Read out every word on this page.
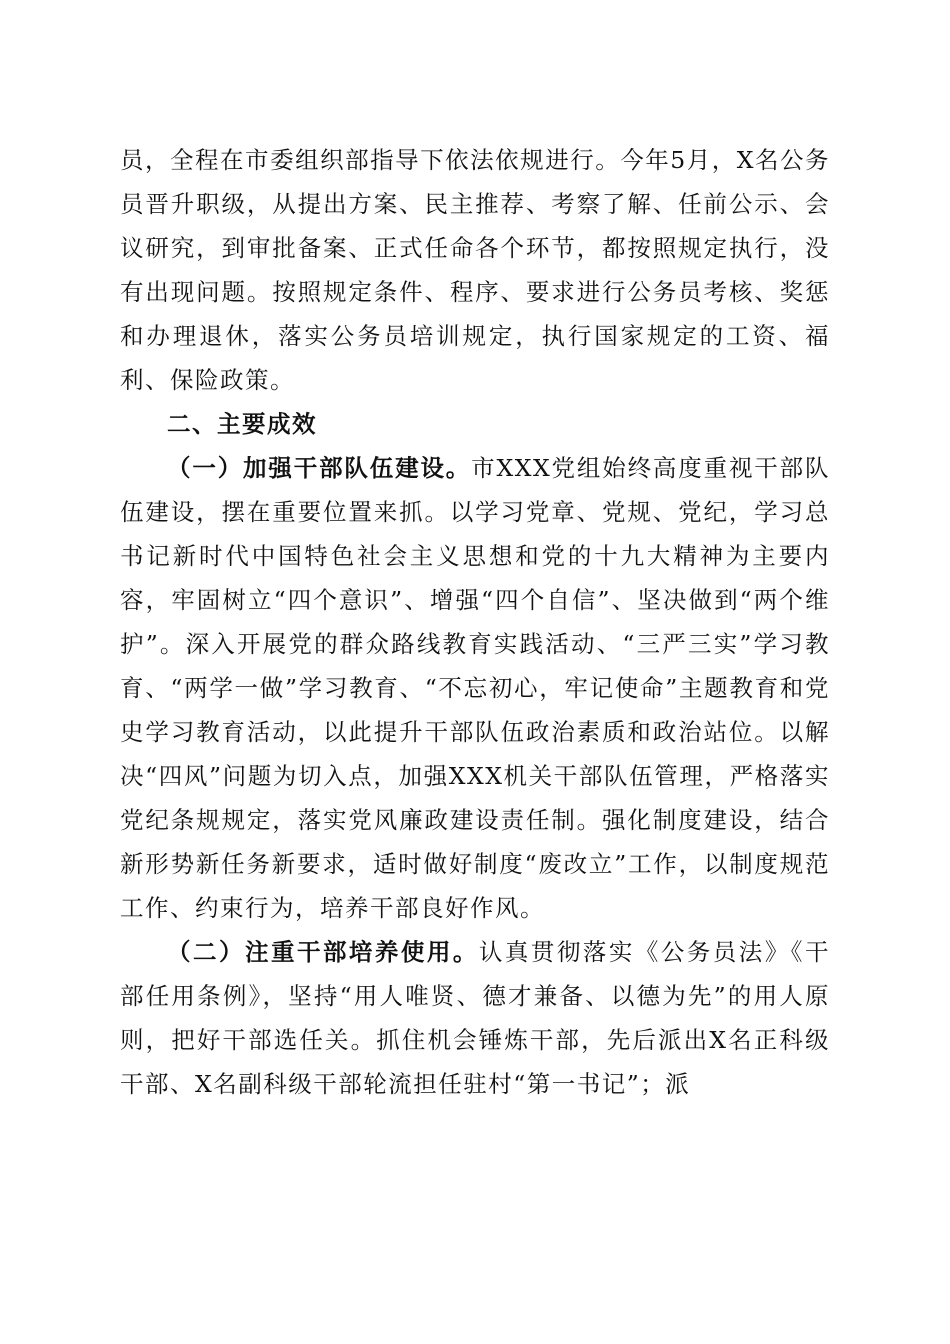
员，全程在市委组织部指导下依法依规进行。今年5月，X名公务员晋升职级，从提出方案、民主推荐、考察了解、任前公示、会议研究，到审批备案、正式任命各个环节，都按照规定执行，没有出现问题。按照规定条件、程序、要求进行公务员考核、奖惩和办理退休，落实公务员培训规定，执行国家规定的工资、福利、保险政策。

二、主要成效

（一）加强干部队伍建设。市XXX党组始终高度重视干部队伍建设，摆在重要位置来抓。以学习党章、党规、党纪，学习总书记新时代中国特色社会主义思想和党的十九大精神为主要内容，牢固树立“四个意识”、增强“四个自信”、坚决做到“两个维护”。深入开展党的群众路线教育实践活动、“三严三实”学习教育、“两学一做”学习教育、“不忘初心，牢记使命”主题教育和党史学习教育活动，以此提升干部队伍政治素质和政治站位。以解决“四风”问题为切入点，加强XXX机关干部队伍管理，严格落实党纪条规规定，落实党风廉政建设责任制。强化制度建设，结合新形势新任务新要求，适时做好制度“废改立”工作，以制度规范工作、约束行为，培养干部良好作风。

（二）注重干部培养使用。认真贯彻落实《公务员法》《干部任用条例》，坚持“用人唯贤、德才兼备、以德为先”的用人原则，把好干部选任关。抓住机会锤炼干部，先后派出X名正科级干部、X名副科级干部轮流担任驻村“第一书记”；派
